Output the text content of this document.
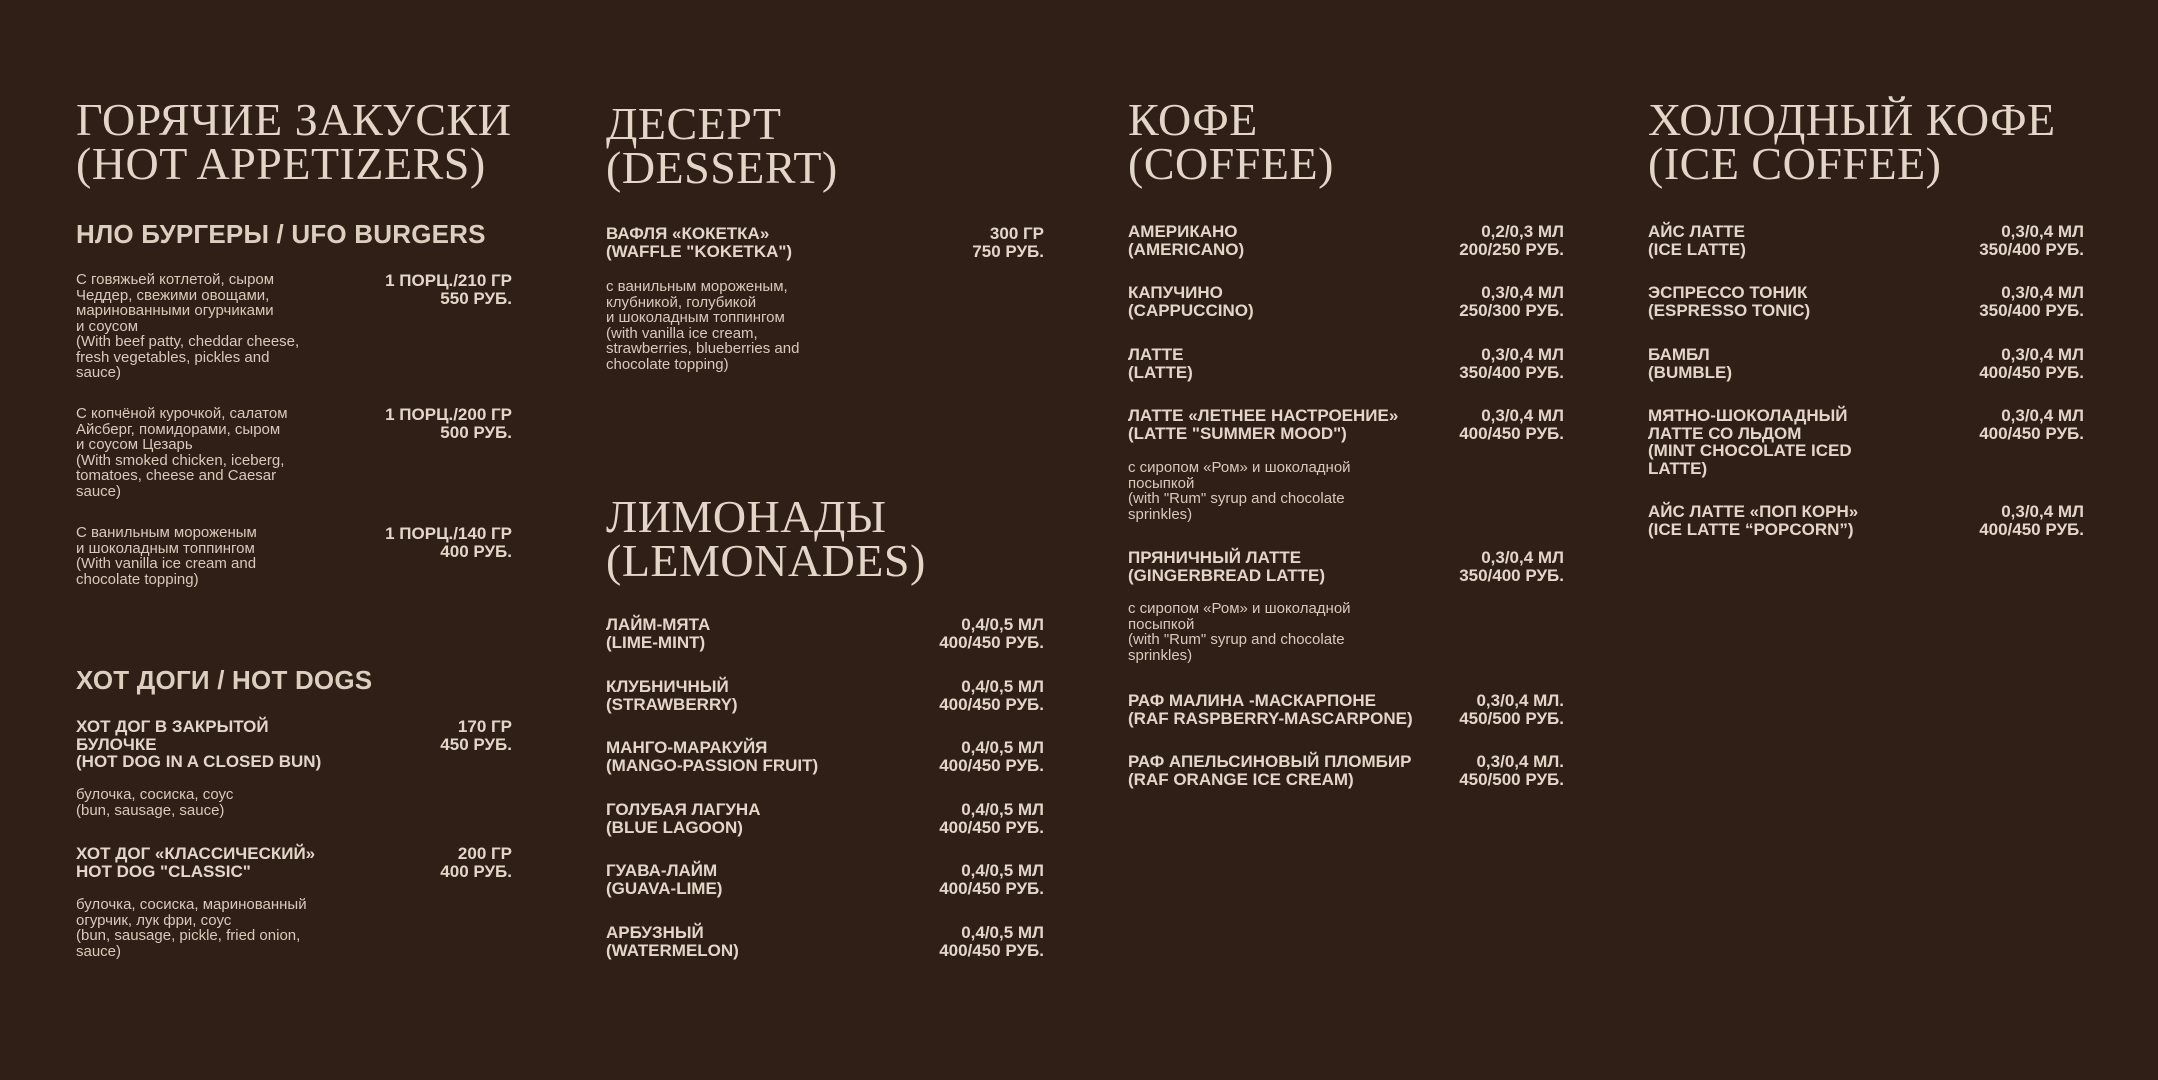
ГОРЯЧИЕ ЗАКУСКИ
(HOT APPETIZERS)
НЛО БУРГЕРЫ / UFO BURGERS
С говяжьей котлетой, сыром
Чеддер, свежими овощами,
маринованными огурчиками
и соусом
(With beef patty, cheddar cheese,
fresh vegetables, pickles and
sauce)
1 ПОРЦ./210 ГР
550 РУБ.
С копчёной курочкой, салатом
Айсберг, помидорами, сыром
и соусом Цезарь
(With smoked chicken, iceberg,
tomatoes, cheese and Caesar
sauce)
1 ПОРЦ./200 ГР
500 РУБ.
С ванильным мороженым
и шоколадным топпингом
(With vanilla ice cream and
chocolate topping)
1 ПОРЦ./140 ГР
400 РУБ.
ХОТ ДОГИ / HOT DOGS
ХОТ ДОГ В ЗАКРЫТОЙ
БУЛОЧКЕ
(HOT DOG IN A CLOSED BUN)
170 ГР
450 РУБ.
булочка, сосиска, соус
(bun, sausage, sauce)
ХОТ ДОГ «КЛАССИЧЕСКИЙ»
HOT DOG "CLASSIC"
200 ГР
400 РУБ.
булочка, сосиска, маринованный
огурчик, лук фри, соус
(bun, sausage, pickle, fried onion,
sauce)
ДЕСЕРТ
(DESSERT)
ВАФЛЯ «КОКЕТКА»
(WAFFLE "KOKETKA")
300 ГР
750 РУБ.
с ванильным мороженым,
клубникой, голубикой
и шоколадным топпингом
(with vanilla ice cream,
strawberries, blueberries and
chocolate topping)
ЛИМОНАДЫ
(LEMONADES)
ЛАЙМ-МЯТА
(LIME-MINT)
0,4/0,5 МЛ
400/450 РУБ.
КЛУБНИЧНЫЙ
(STRAWBERRY)
0,4/0,5 МЛ
400/450 РУБ.
МАНГО-МАРАКУЙЯ
(MANGO-PASSION FRUIT)
0,4/0,5 МЛ
400/450 РУБ.
ГОЛУБАЯ ЛАГУНА
(BLUE LAGOON)
0,4/0,5 МЛ
400/450 РУБ.
ГУАВА-ЛАЙМ
(GUAVA-LIME)
0,4/0,5 МЛ
400/450 РУБ.
АРБУЗНЫЙ
(WATERMELON)
0,4/0,5 МЛ
400/450 РУБ.
КОФЕ
(COFFEE)
АМЕРИКАНО
(AMERICANO)
0,2/0,3 МЛ
200/250 РУБ.
КАПУЧИНО
(CAPPUCCINO)
0,3/0,4 МЛ
250/300 РУБ.
ЛАТТЕ
(LATTE)
0,3/0,4 МЛ
350/400 РУБ.
ЛАТТЕ «ЛЕТНЕЕ НАСТРОЕНИЕ»
(LATTE "SUMMER MOOD")
0,3/0,4 МЛ
400/450 РУБ.
с сиропом «Ром» и шоколадной
посыпкой
(with "Rum" syrup and chocolate
sprinkles)
ПРЯНИЧНЫЙ ЛАТТЕ
(GINGERBREAD LATTE)
0,3/0,4 МЛ
350/400 РУБ.
с сиропом «Ром» и шоколадной
посыпкой
(with "Rum" syrup and chocolate
sprinkles)
РАФ МАЛИНА -МАСКАРПОНЕ
(RAF RASPBERRY-MASCARPONE)
0,3/0,4 МЛ.
450/500 РУБ.
РАФ АПЕЛЬСИНОВЫЙ ПЛОМБИР
(RAF ORANGE ICE CREAM)
0,3/0,4 МЛ.
450/500 РУБ.
ХОЛОДНЫЙ КОФЕ
(ICE COFFEE)
АЙС ЛАТТЕ
(ICE LATTE)
0,3/0,4 МЛ
350/400 РУБ.
ЭСПРЕССО ТОНИК
(ESPRESSO TONIC)
0,3/0,4 МЛ
350/400 РУБ.
БАМБЛ
(BUMBLE)
0,3/0,4 МЛ
400/450 РУБ.
МЯТНО-ШОКОЛАДНЫЙ
ЛАТТЕ СО ЛЬДОМ
(MINT CHOCOLATE ICED
LATTE)
0,3/0,4 МЛ
400/450 РУБ.
АЙС ЛАТТЕ «ПОП КОРН»
(ICE LATTE “POPCORN”)
0,3/0,4 МЛ
400/450 РУБ.
